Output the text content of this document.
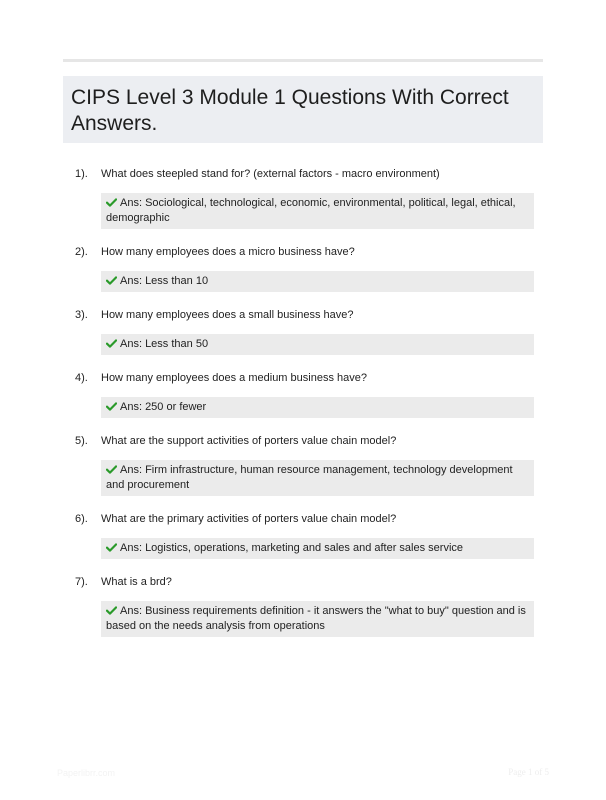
CIPS Level 3 Module 1 Questions With Correct Answers.
1).	What does steepled stand for? (external factors - macro environment)
Ans: Sociological, technological, economic, environmental, political, legal, ethical, demographic
2).	How many employees does a micro business have?
Ans: Less than 10
3).	How many employees does a small business have?
Ans: Less than 50
4).	How many employees does a medium business have?
Ans: 250 or fewer
5).	What are the support activities of porters value chain model?
Ans: Firm infrastructure, human resource management, technology development and procurement
6).	What are the primary activities of porters value chain model?
Ans: Logistics, operations, marketing and sales and after sales service
7).	What is a brd?
Ans: Business requirements definition - it answers the "what to buy" question and is based on the needs analysis from operations
Paperlibrr.com	Page 1 of 5
